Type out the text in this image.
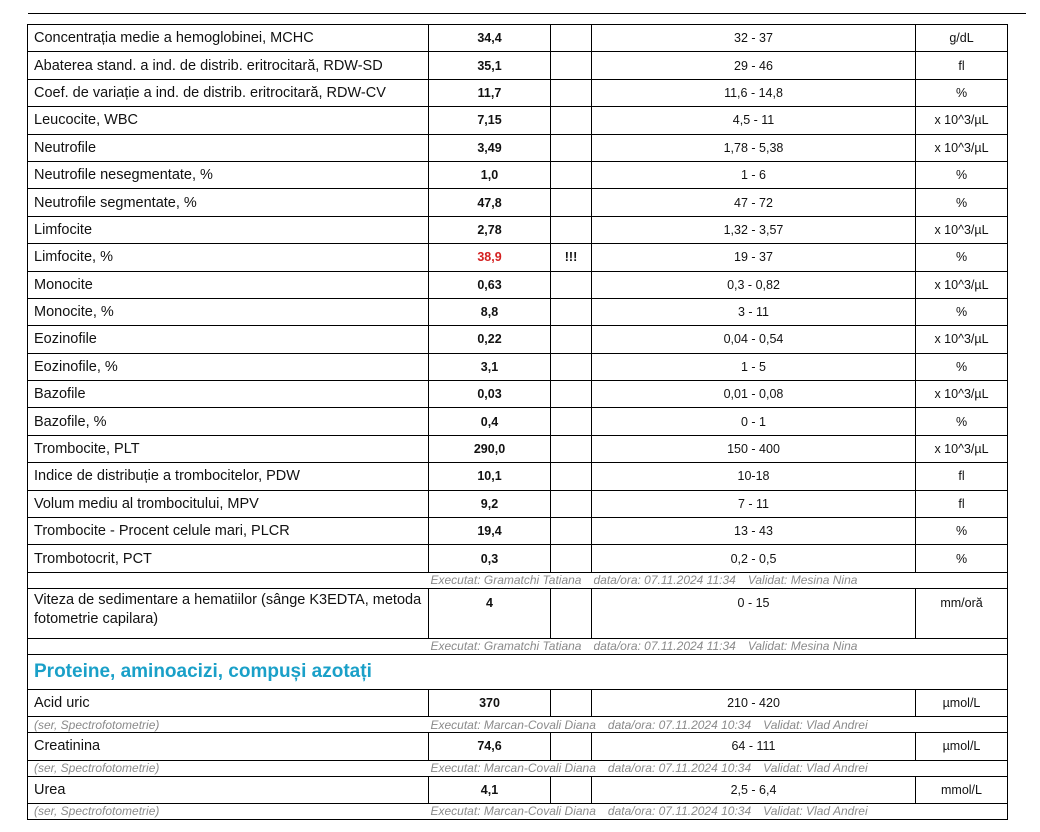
Concentrația medie a hemoglobinei, MCHC	34,4		32 - 37	g/dL
Abaterea stand. a ind. de distrib. eritrocitară, RDW-SD	35,1		29 - 46	fl
Coef. de variație a ind. de distrib. eritrocitară, RDW-CV	11,7		11,6 - 14,8	%
Leucocite, WBC	7,15		4,5 - 11	x 10^3/µL
Neutrofile	3,49		1,78 - 5,38	x 10^3/µL
Neutrofile nesegmentate, %	1,0		1 - 6	%
Neutrofile segmentate, %	47,8		47 - 72	%
Limfocite	2,78		1,32 - 3,57	x 10^3/µL
Limfocite, %	38,9	!!!	19 - 37	%
Monocite	0,63		0,3 - 0,82	x 10^3/µL
Monocite, %	8,8		3 - 11	%
Eozinofile	0,22		0,04 - 0,54	x 10^3/µL
Eozinofile, %	3,1		1 - 5	%
Bazofile	0,03		0,01 - 0,08	x 10^3/µL
Bazofile, %	0,4		0 - 1	%
Trombocite, PLT	290,0		150 - 400	x 10^3/µL
Indice de distribuție a trombocitelor, PDW	10,1		10-18	fl
Volum mediu al trombocitului, MPV	9,2		7 - 11	fl
Trombocite - Procent celule mari, PLCR	19,4		13 - 43	%
Trombotocrit, PCT	0,3		0,2 - 0,5	%
	Executat: Gramatchi Tatiana data/ora: 07.11.2024 11:34 Validat: Mesina Nina			
Viteza de sedimentare a hematiilor (sânge K3EDTA, metoda fotometrie capilara)	4		0 - 15	mm/oră
	Executat: Gramatchi Tatiana data/ora: 07.11.2024 11:34 Validat: Mesina Nina			
Proteine, aminoacizi, compuși azotați				
Acid uric	370		210 - 420	µmol/L
(ser, Spectrofotometrie)	Executat: Marcan-Covali Diana data/ora: 07.11.2024 10:34 Validat: Vlad Andrei			
Creatinina	74,6		64 - 111	µmol/L
(ser, Spectrofotometrie)	Executat: Marcan-Covali Diana data/ora: 07.11.2024 10:34 Validat: Vlad Andrei			
Urea	4,1		2,5 - 6,4	mmol/L
(ser, Spectrofotometrie)	Executat: Marcan-Covali Diana data/ora: 07.11.2024 10:34 Validat: Vlad Andrei			
